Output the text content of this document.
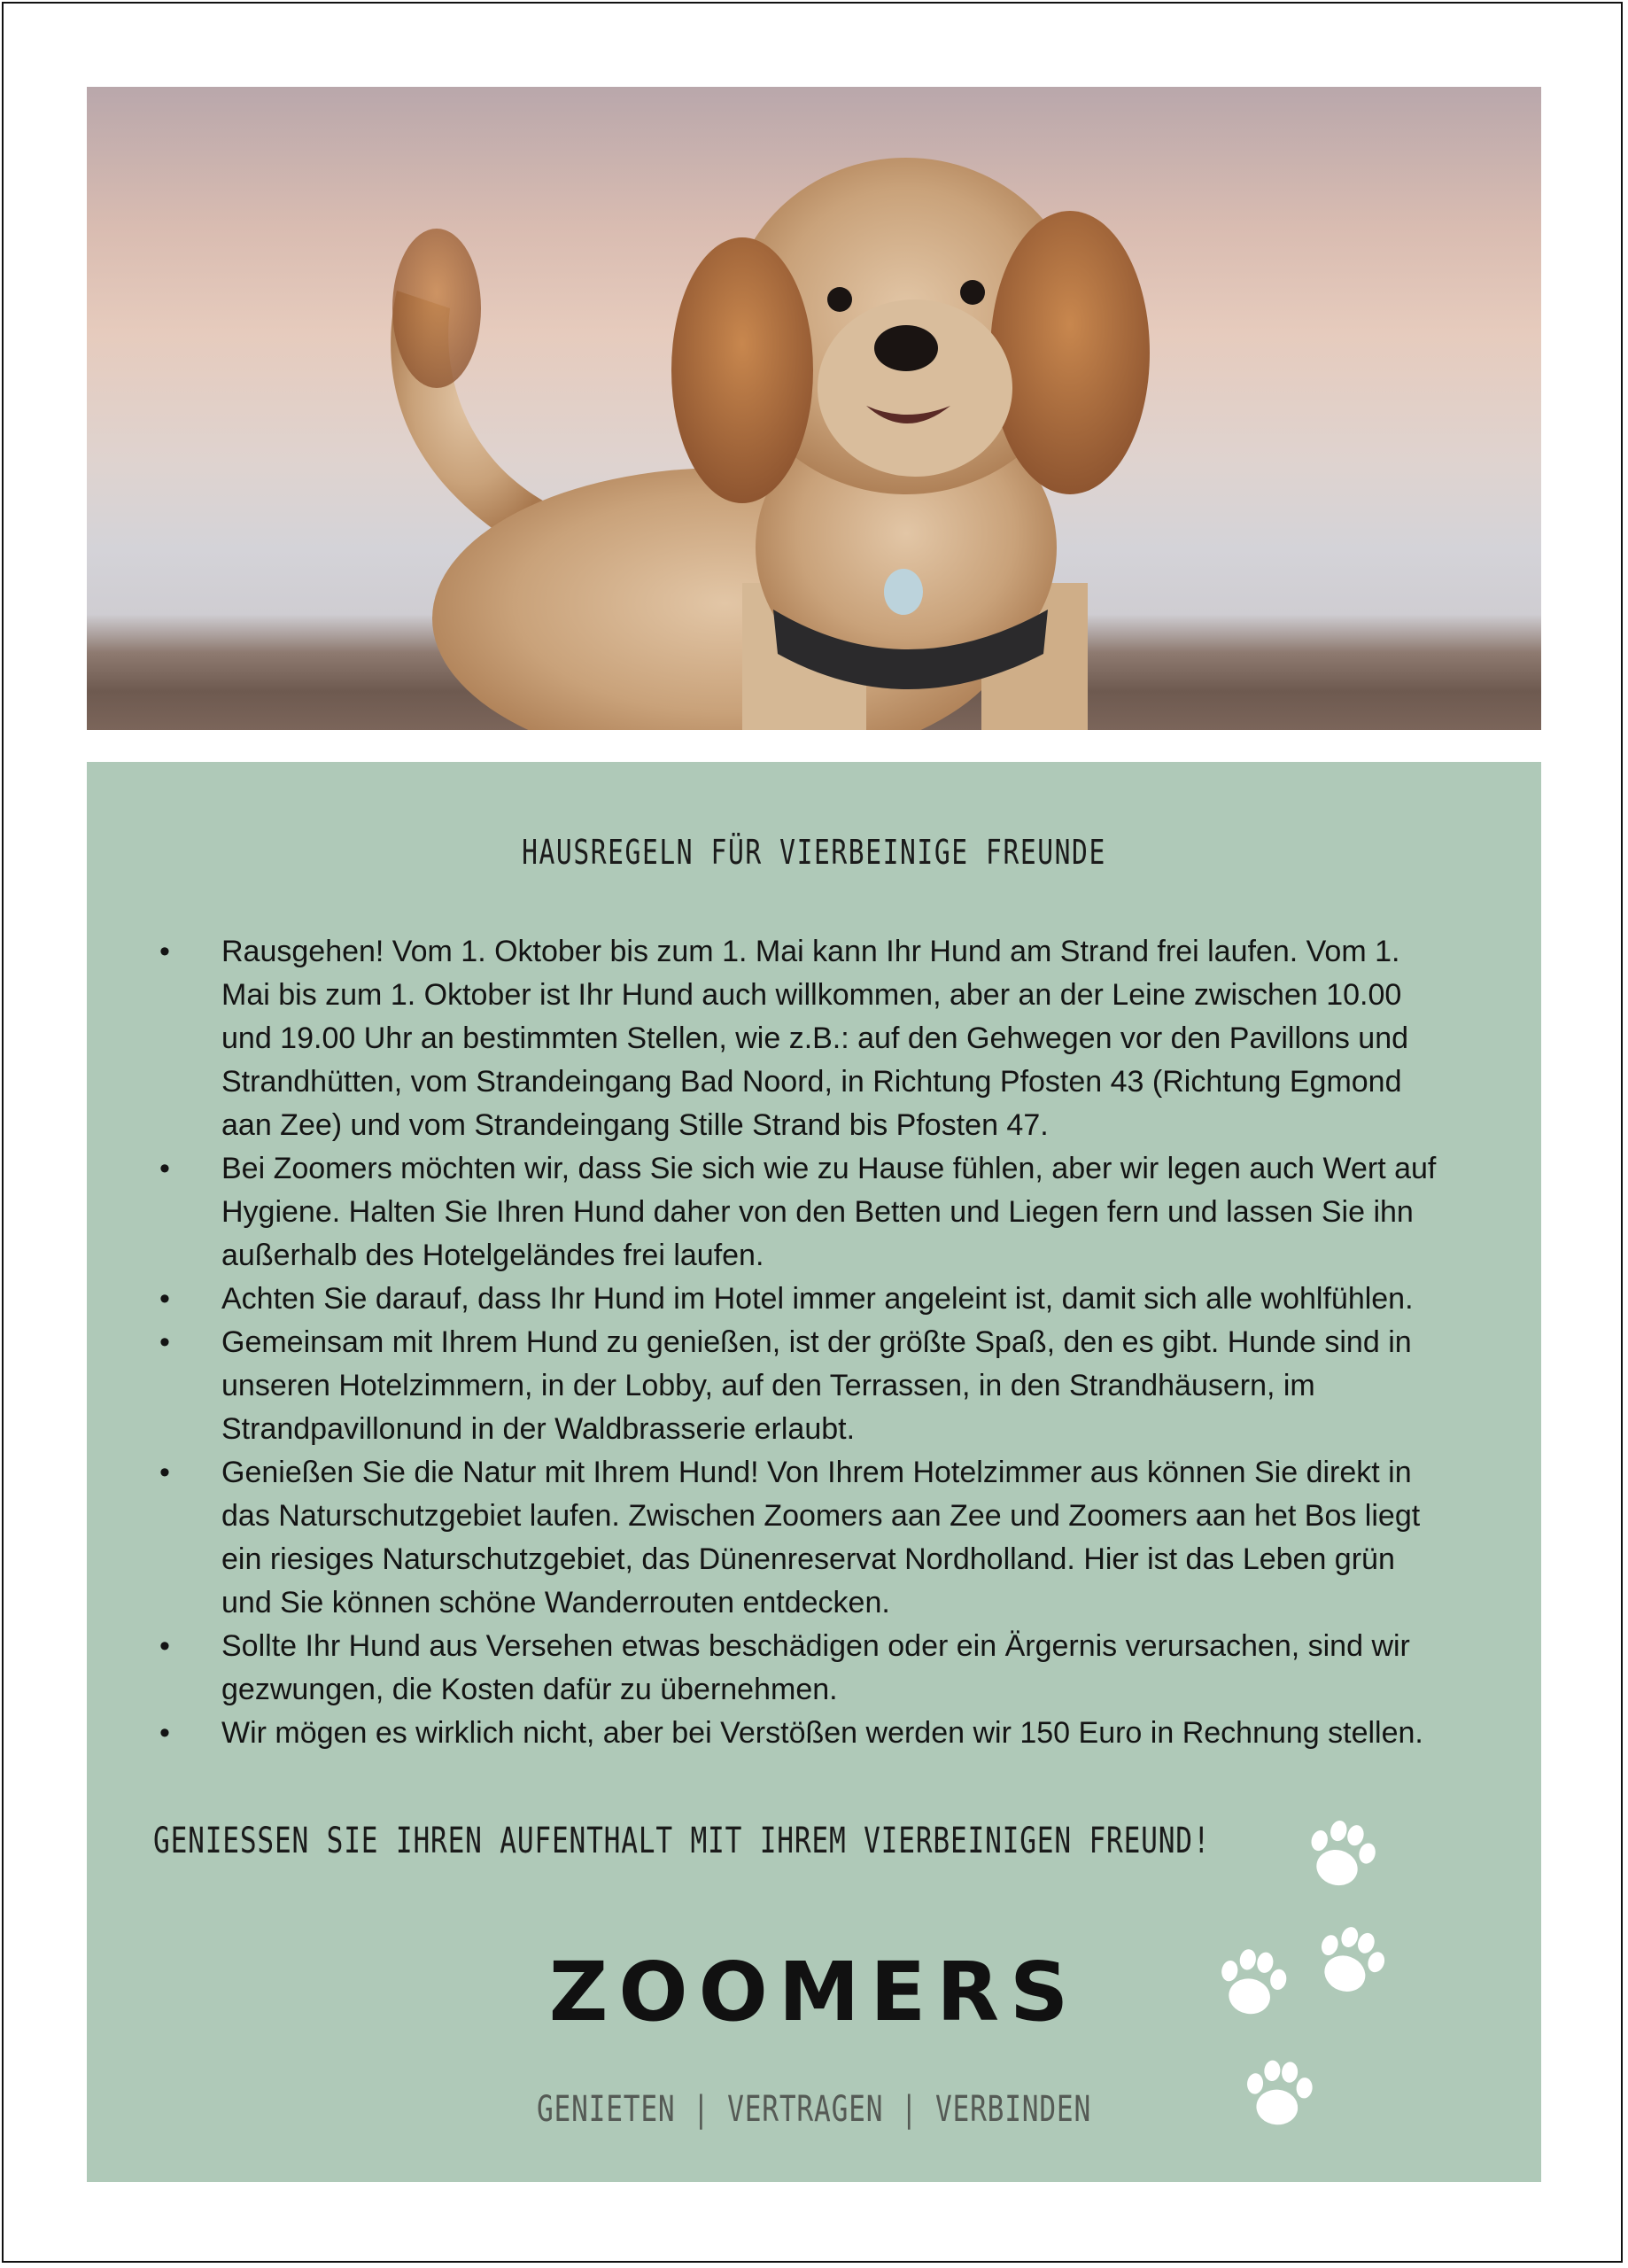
HAUSREGELN FÜR VIERBEINIGE FREUNDE
• Rausgehen! Vom 1. Oktober bis zum 1. Mai kann Ihr Hund am Strand frei laufen. Vom 1. Mai bis zum 1. Oktober ist Ihr Hund auch willkommen, aber an der Leine zwischen 10.00 und 19.00 Uhr an bestimmten Stellen, wie z.B.: auf den Gehwegen vor den Pavillons und Strandhütten, vom Strandeingang Bad Noord, in Richtung Pfosten 43 (Richtung Egmond aan Zee) und vom Strandeingang Stille Strand bis Pfosten 47.
• Bei Zoomers möchten wir, dass Sie sich wie zu Hause fühlen, aber wir legen auch Wert auf Hygiene. Halten Sie Ihren Hund daher von den Betten und Liegen fern und lassen Sie ihn außerhalb des Hotelgeländes frei laufen.
• Achten Sie darauf, dass Ihr Hund im Hotel immer angeleint ist, damit sich alle wohlfühlen.
• Gemeinsam mit Ihrem Hund zu genießen, ist der größte Spaß, den es gibt. Hunde sind in unseren Hotelzimmern, in der Lobby, auf den Terrassen, in den Strandhäusern, im Strandpavillonund in der Waldbrasserie erlaubt.
• Genießen Sie die Natur mit Ihrem Hund! Von Ihrem Hotelzimmer aus können Sie direkt in das Naturschutzgebiet laufen. Zwischen Zoomers aan Zee und Zoomers aan het Bos liegt ein riesiges Naturschutzgebiet, das Dünenreservat Nordholland. Hier ist das Leben grün und Sie können schöne Wanderrouten entdecken.
• Sollte Ihr Hund aus Versehen etwas beschädigen oder ein Ärgernis verursachen, sind wir gezwungen, die Kosten dafür zu übernehmen.
• Wir mögen es wirklich nicht, aber bei Verstößen werden wir 150 Euro in Rechnung stellen.
GENIESSEN SIE IHREN AUFENTHALT MIT IHREM VIERBEINIGEN FREUND!
ZOOMERS
GENIETEN | VERTRAGEN | VERBINDEN
